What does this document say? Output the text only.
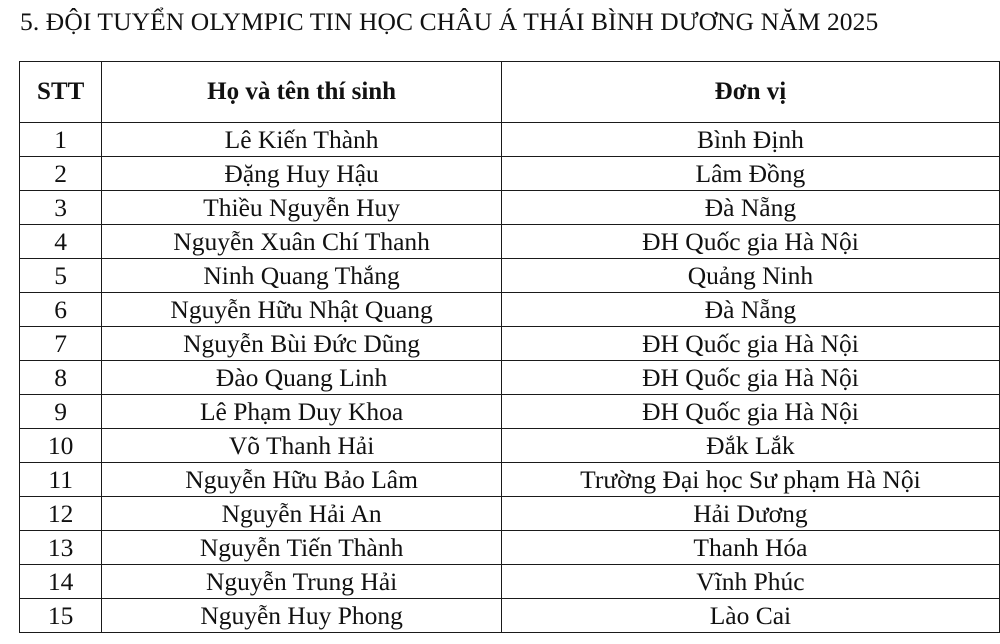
5. ĐỘI TUYỂN OLYMPIC TIN HỌC CHÂU Á THÁI BÌNH DƯƠNG NĂM 2025
STT	Họ và tên thí sinh	Đơn vị
1	Lê Kiến Thành	Bình Định
2	Đặng Huy Hậu	Lâm Đồng
3	Thiều Nguyễn Huy	Đà Nẵng
4	Nguyễn Xuân Chí Thanh	ĐH Quốc gia Hà Nội
5	Ninh Quang Thắng	Quảng Ninh
6	Nguyễn Hữu Nhật Quang	Đà Nẵng
7	Nguyễn Bùi Đức Dũng	ĐH Quốc gia Hà Nội
8	Đào Quang Linh	ĐH Quốc gia Hà Nội
9	Lê Phạm Duy Khoa	ĐH Quốc gia Hà Nội
10	Võ Thanh Hải	Đắk Lắk
11	Nguyễn Hữu Bảo Lâm	Trường Đại học Sư phạm Hà Nội
12	Nguyễn Hải An	Hải Dương
13	Nguyễn Tiến Thành	Thanh Hóa
14	Nguyễn Trung Hải	Vĩnh Phúc
15	Nguyễn Huy Phong	Lào Cai
